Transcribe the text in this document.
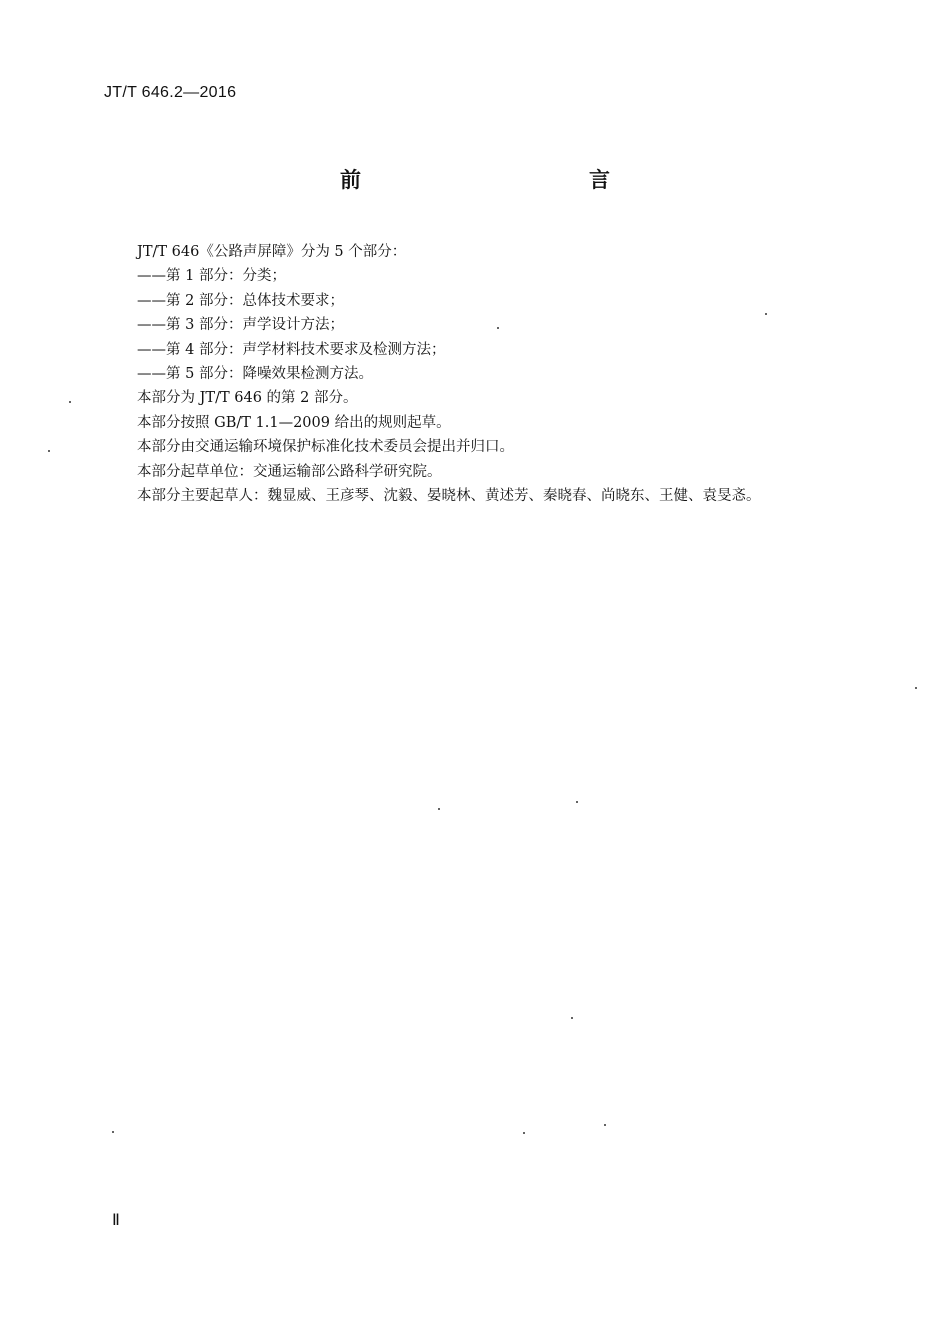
JT/T 646.2—2016
前　　言
JT/T 646《公路声屏障》分为 5 个部分：
——第 1 部分：分类；
——第 2 部分：总体技术要求；
——第 3 部分：声学设计方法；
——第 4 部分：声学材料技术要求及检测方法；
——第 5 部分：降噪效果检测方法。
本部分为 JT/T 646 的第 2 部分。
本部分按照 GB/T 1.1—2009 给出的规则起草。
本部分由交通运输环境保护标准化技术委员会提出并归口。
本部分起草单位：交通运输部公路科学研究院。
本部分主要起草人：魏显威、王彦琴、沈毅、晏晓林、黄述芳、秦晓春、尚晓东、王健、袁旻忞。
Ⅱ
